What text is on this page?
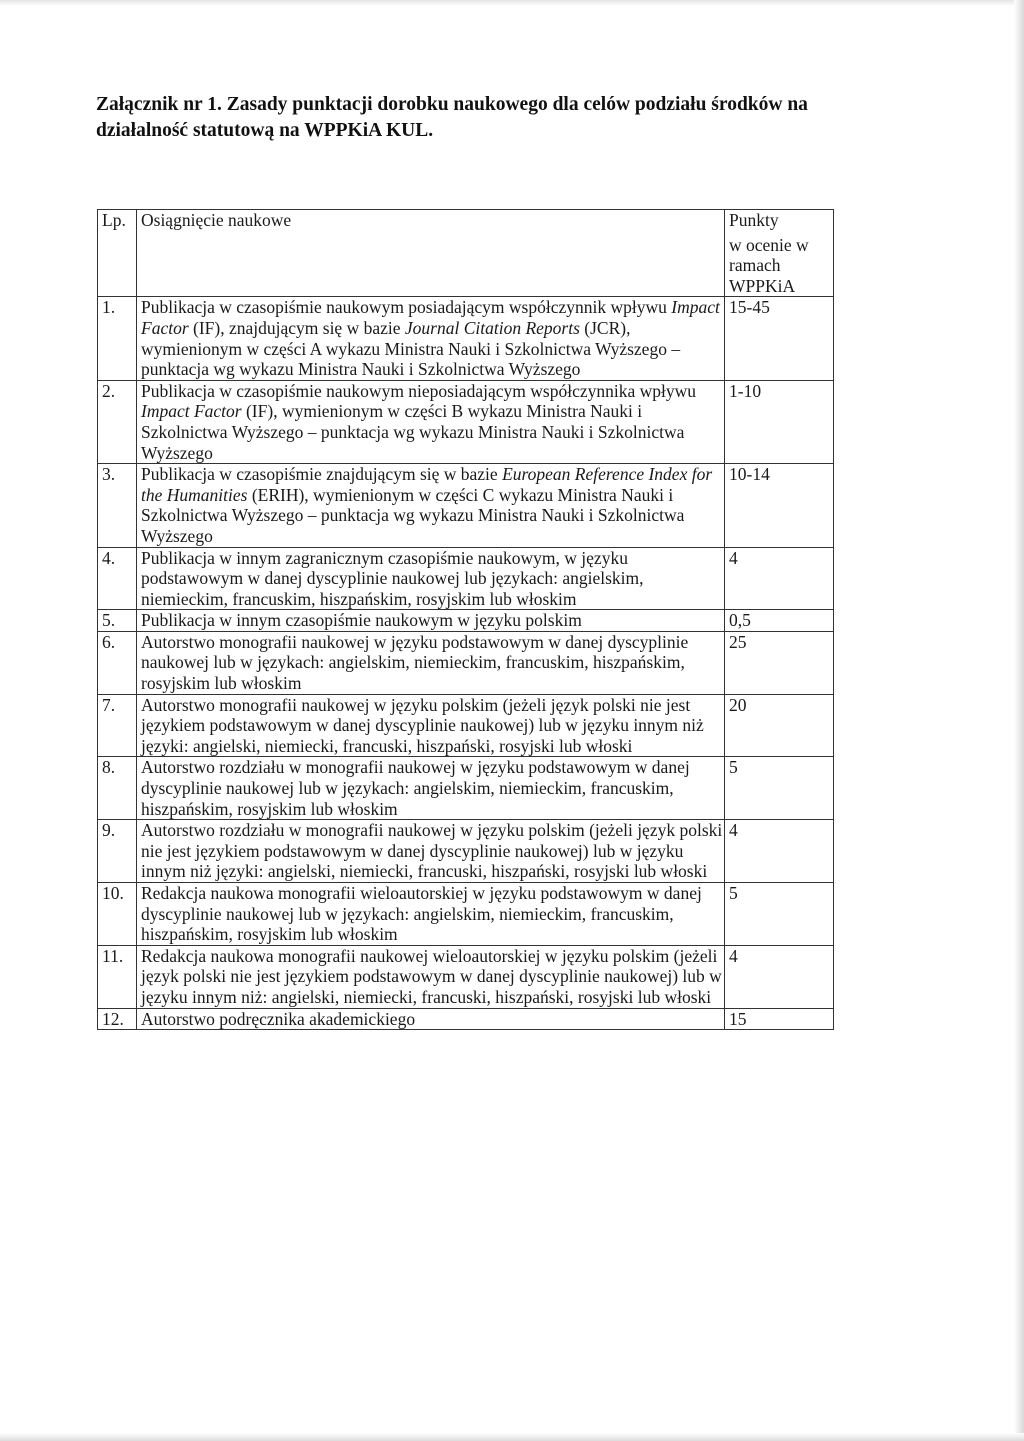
Załącznik nr 1. Zasady punktacji dorobku naukowego dla celów podziału środków na działalność statutową na WPPKiA KUL.
Lp.	Osiągnięcie naukowe	Punkty
w ocenie w ramach WPPKiA

1.	Publikacja w czasopiśmie naukowym posiadającym współczynnik wpływu Impact Factor (IF), znajdującym się w bazie Journal Citation Reports (JCR), wymienionym w części A wykazu Ministra Nauki i Szkolnictwa Wyższego – punktacja wg wykazu Ministra Nauki i Szkolnictwa Wyższego	15-45
2.	Publikacja w czasopiśmie naukowym nieposiadającym współczynnika wpływu Impact Factor (IF), wymienionym w części B wykazu Ministra Nauki i Szkolnictwa Wyższego – punktacja wg wykazu Ministra Nauki i Szkolnictwa Wyższego	1-10
3.	Publikacja w czasopiśmie znajdującym się w bazie European Reference Index for the Humanities (ERIH), wymienionym w części C wykazu Ministra Nauki i Szkolnictwa Wyższego – punktacja wg wykazu Ministra Nauki i Szkolnictwa Wyższego	10-14
4.	Publikacja w innym zagranicznym czasopiśmie naukowym, w języku podstawowym w danej dyscyplinie naukowej lub językach: angielskim, niemieckim, francuskim, hiszpańskim, rosyjskim lub włoskim	4
5.	Publikacja w innym czasopiśmie naukowym w języku polskim	0,5
6.	Autorstwo monografii naukowej w języku podstawowym w danej dyscyplinie naukowej lub w językach: angielskim, niemieckim, francuskim, hiszpańskim, rosyjskim lub włoskim	25
7.	Autorstwo monografii naukowej w języku polskim (jeżeli język polski nie jest językiem podstawowym w danej dyscyplinie naukowej) lub w języku innym niż języki: angielski, niemiecki, francuski, hiszpański, rosyjski lub włoski	20
8.	Autorstwo rozdziału w monografii naukowej w języku podstawowym w danej dyscyplinie naukowej lub w językach: angielskim, niemieckim, francuskim, hiszpańskim, rosyjskim lub włoskim	5
9.	Autorstwo rozdziału w monografii naukowej w języku polskim (jeżeli język polski nie jest językiem podstawowym w danej dyscyplinie naukowej) lub w języku innym niż języki: angielski, niemiecki, francuski, hiszpański, rosyjski lub włoski	4
10.	Redakcja naukowa monografii wieloautorskiej w języku podstawowym w danej dyscyplinie naukowej lub w językach: angielskim, niemieckim, francuskim, hiszpańskim, rosyjskim lub włoskim	5
11.	Redakcja naukowa monografii naukowej wieloautorskiej w języku polskim (jeżeli język polski nie jest językiem podstawowym w danej dyscyplinie naukowej) lub w języku innym niż: angielski, niemiecki, francuski, hiszpański, rosyjski lub włoski	4
12.	Autorstwo podręcznika akademickiego	15
